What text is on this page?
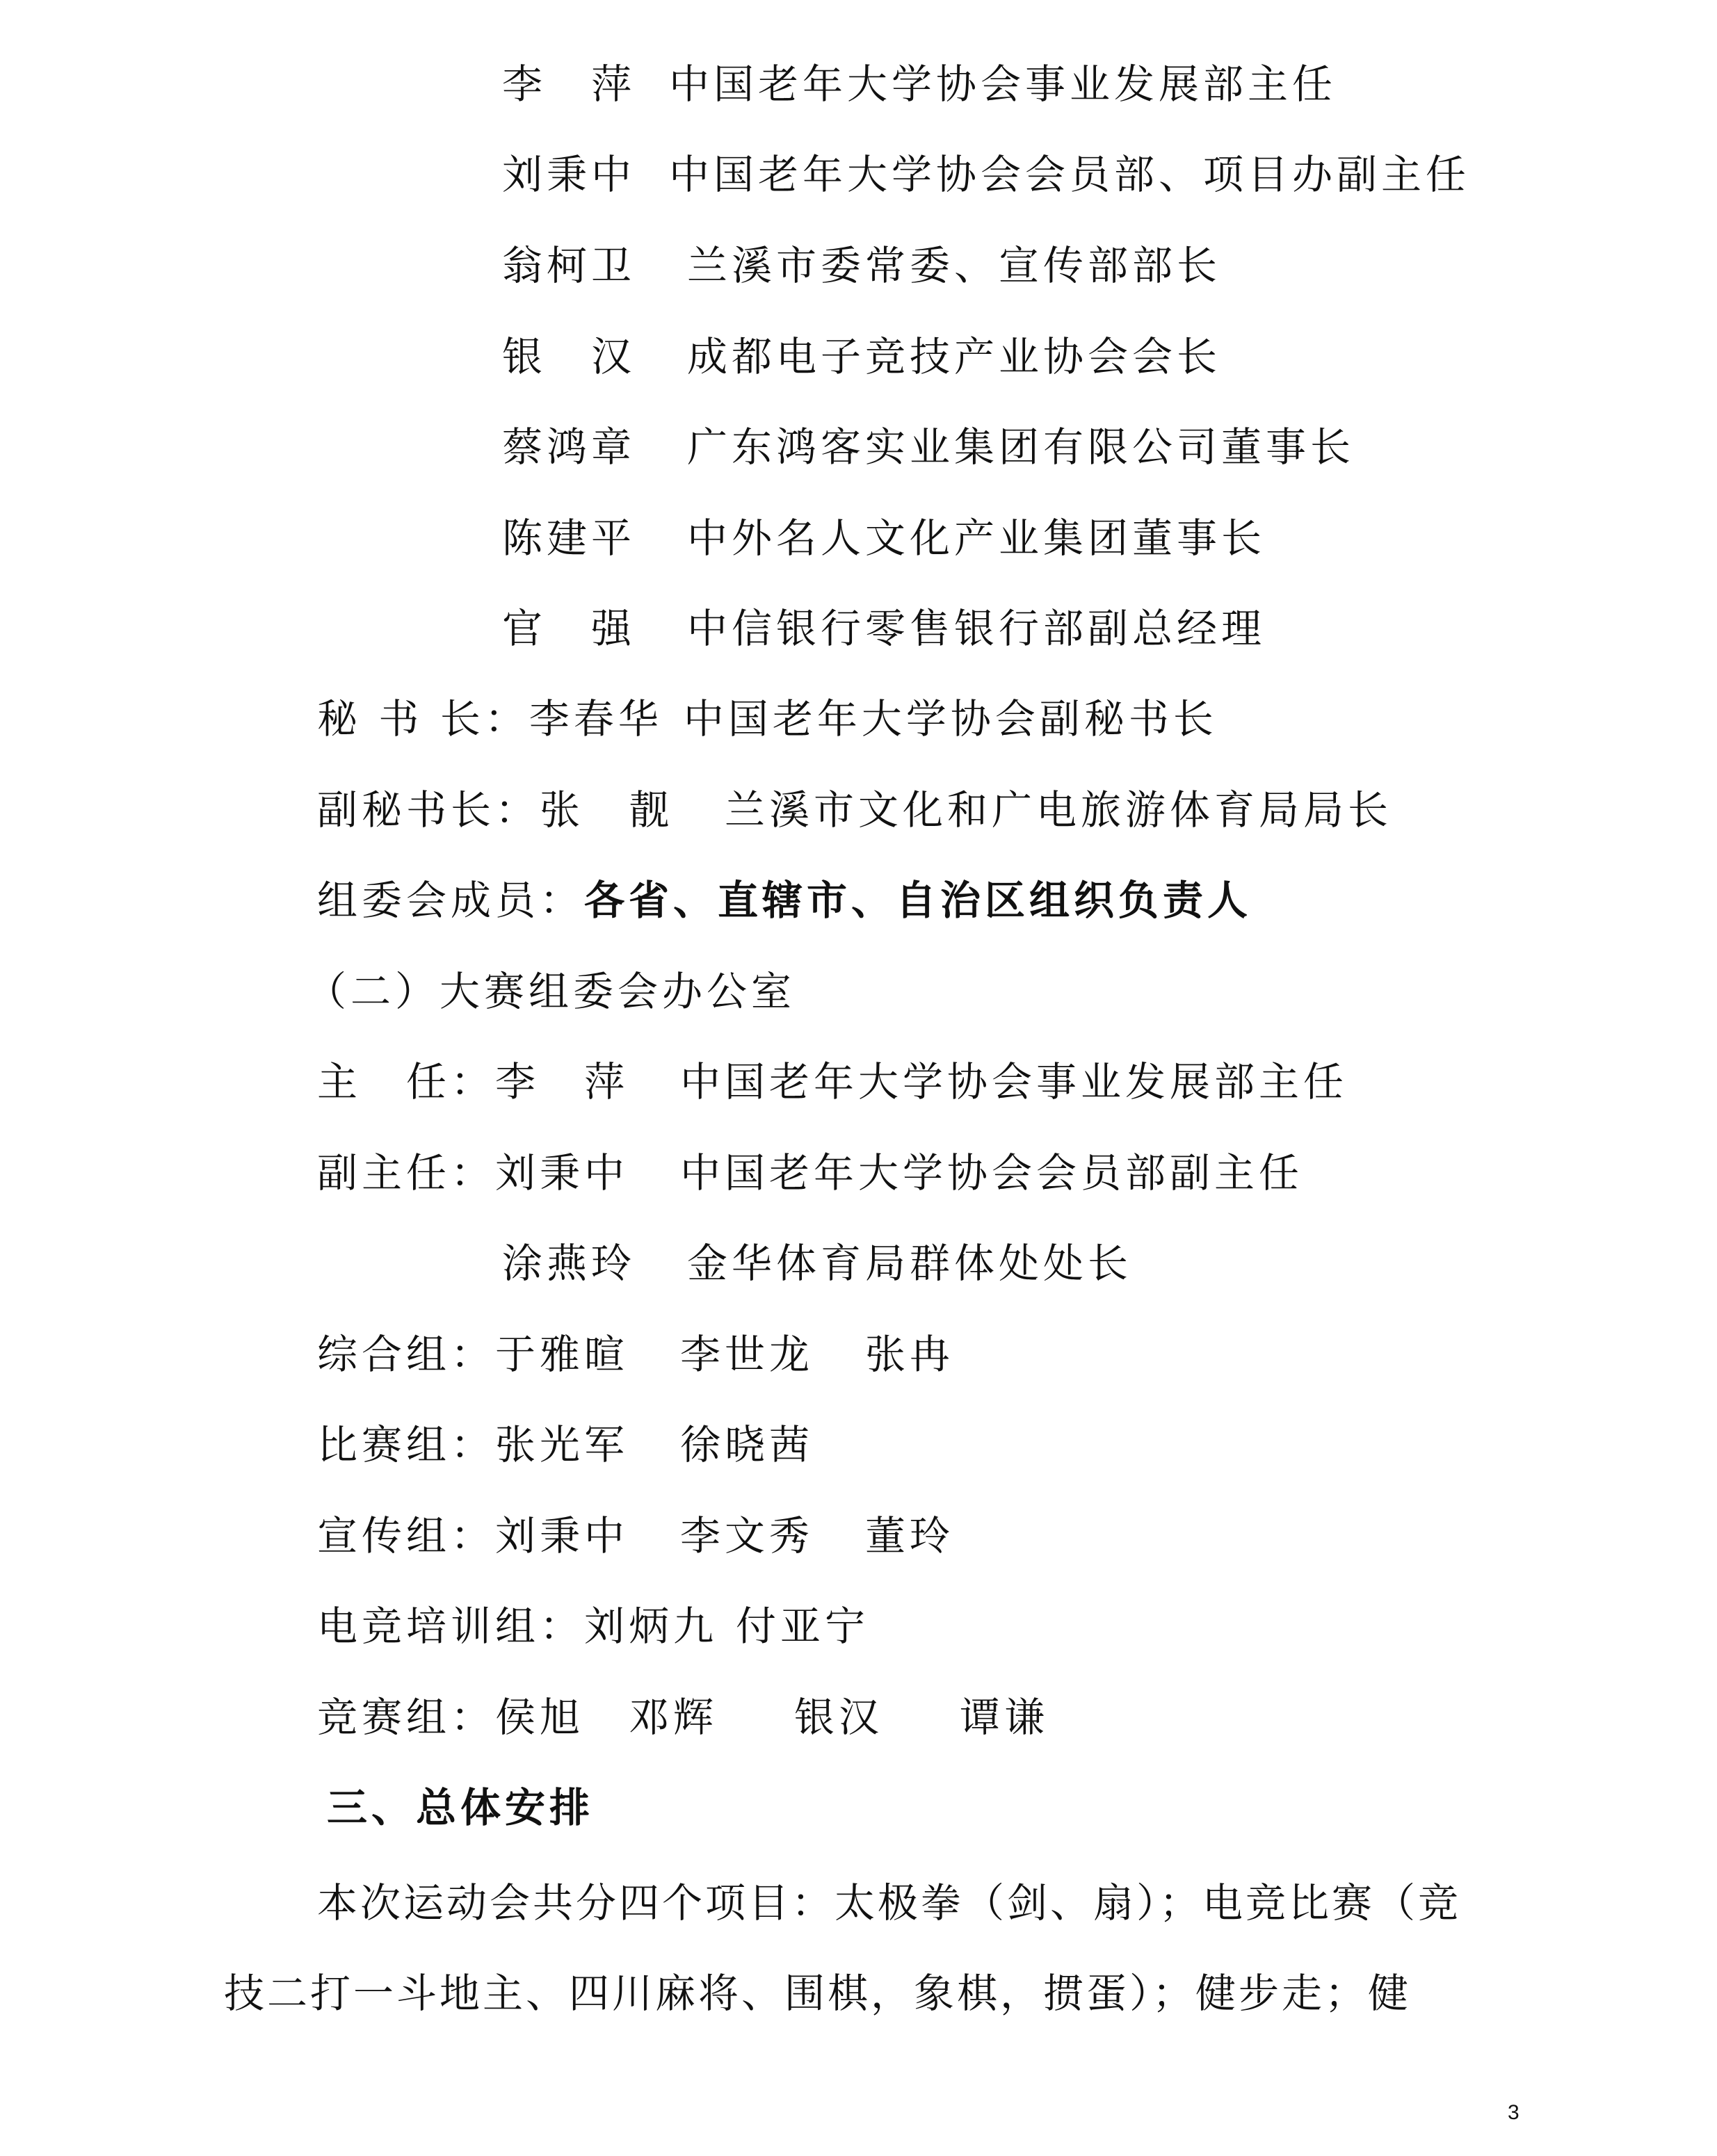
李　萍 中国老年大学协会事业发展部主任
刘秉中 中国老年大学协会会员部、项目办副主任
翁柯卫 兰溪市委常委、宣传部部长
银　汉 成都电子竞技产业协会会长
蔡鸿章 广东鸿客实业集团有限公司董事长
陈建平 中外名人文化产业集团董事长
官　强 中信银行零售银行部副总经理
秘 书 长：李春华 中国老年大学协会副秘书长
副秘书长：张　靓 兰溪市文化和广电旅游体育局局长
组委会成员：各省、直辖市、自治区组织负责人
（二）大赛组委会办公室
主　任：李　萍 中国老年大学协会事业发展部主任
副主任：刘秉中 中国老年大学协会会员部副主任
涂燕玲 金华体育局群体处处长
综合组：于雅暄 李世龙 张冉
比赛组：张光军 徐晓茜
宣传组：刘秉中 李文秀 董玲
电竞培训组：刘炳九 付亚宁
竞赛组：侯旭 邓辉 银汉 谭谦
三、总体安排
本次运动会共分四个项目：太极拳（剑、扇）；电竞比赛（竞
技二打一斗地主、四川麻将、围棋，象棋，掼蛋）；健步走；健
3
